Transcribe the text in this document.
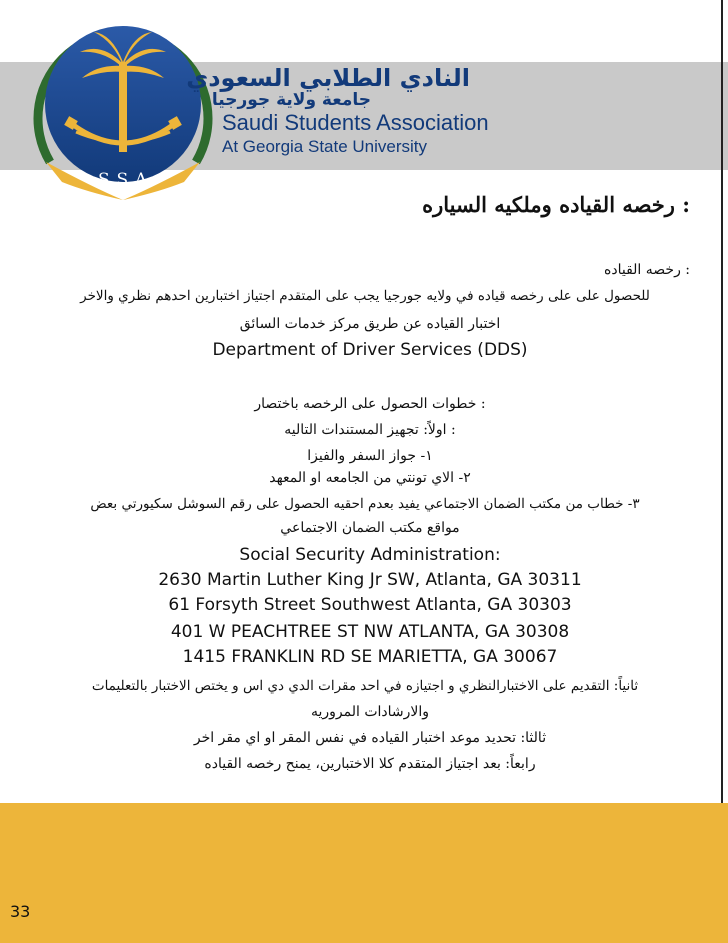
S.S.A
النادي الطلابي السعودي
جامعة ولاية جورجيا
Saudi Students Association
At Georgia State University
: رخصه القياده وملكيه السياره
: رخصه القياده
للحصول على على رخصه قياده في ولايه جورجيا يجب على المتقدم اجتياز اختبارين احدهم نظري والاخر
اختبار القياده عن طريق مركز خدمات السائق
Department of Driver Services (DDS)
: خطوات الحصول على الرخصه باختصار
: اولاً: تجهيز المستندات التاليه
١- جواز السفر والفيزا
٢- الاي تونتي من الجامعه او المعهد
٣- خطاب من مكتب الضمان الاجتماعي يفيد بعدم احقيه الحصول على رقم السوشل سكيورتي بعض
مواقع مكتب الضمان الاجتماعي
Social Security Administration:
2630 Martin Luther King Jr SW, Atlanta, GA 30311
61 Forsyth Street Southwest Atlanta, GA 30303
401 W PEACHTREE ST NW ATLANTA, GA 30308
1415 FRANKLIN RD SE MARIETTA, GA 30067
ثانياً: التقديم على الاختبارالنظري و اجتيازه في احد مقرات الدي دي اس و يختص الاختبار بالتعليمات
والارشادات المروريه
ثالثا: تحديد موعد اختبار القياده في نفس المقر او اي مقر اخر
رابعاً: بعد اجتياز المتقدم كلا الاختبارين، يمنح رخصه القياده
33
